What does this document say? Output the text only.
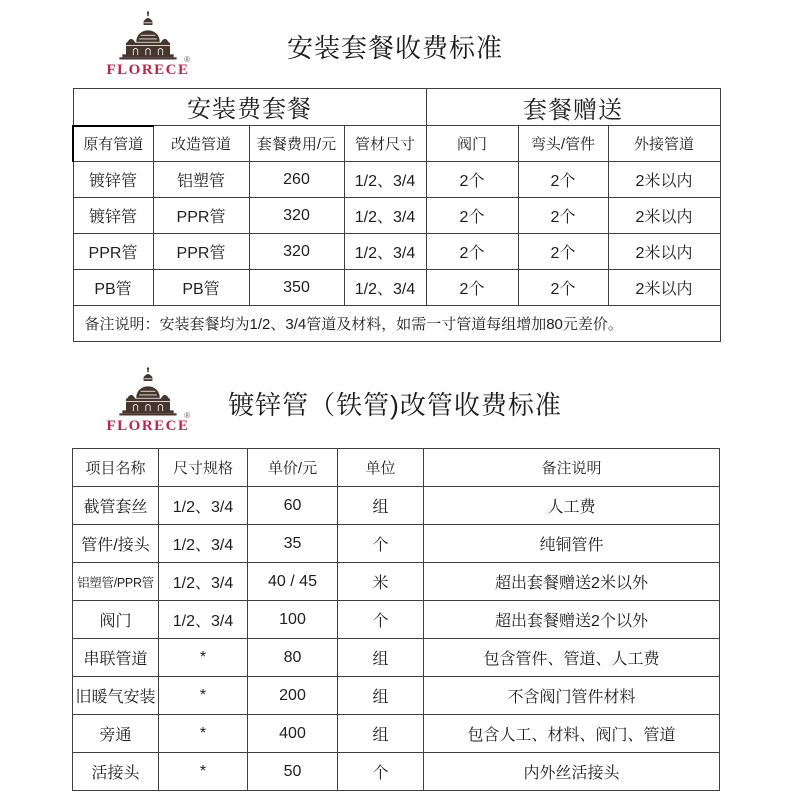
®
FLORECE
安装套餐收费标准
安装费套餐				套餐赠送		
原有管道	改造管道	套餐费用/元	管材尺寸	阀门	弯头/管件	外接管道
镀锌管	铝塑管	260	1/2、3/4	2个	2个	2米以内
镀锌管	PPR管	320	1/2、3/4	2个	2个	2米以内
PPR管	PPR管	320	1/2、3/4	2个	2个	2米以内
PB管	PB管	350	1/2、3/4	2个	2个	2米以内
备注说明：安装套餐均为1/2、3/4管道及材料，如需一寸管道每组增加80元差价。						
®
FLORECE
镀锌管（铁管)改管收费标准
项目名称	尺寸规格	单价/元	单位	备注说明
截管套丝	1/2、3/4	60	组	人工费
管件/接头	1/2、3/4	35	个	纯铜管件
铝塑管/PPR管	1/2、3/4	40 / 45	米	超出套餐赠送2米以外
阀门	1/2、3/4	100	个	超出套餐赠送2个以外
串联管道	*	80	组	包含管件、管道、人工费
旧暖气安装	*	200	组	不含阀门管件材料
旁通	*	400	组	包含人工、材料、阀门、管道
活接头	*	50	个	内外丝活接头
